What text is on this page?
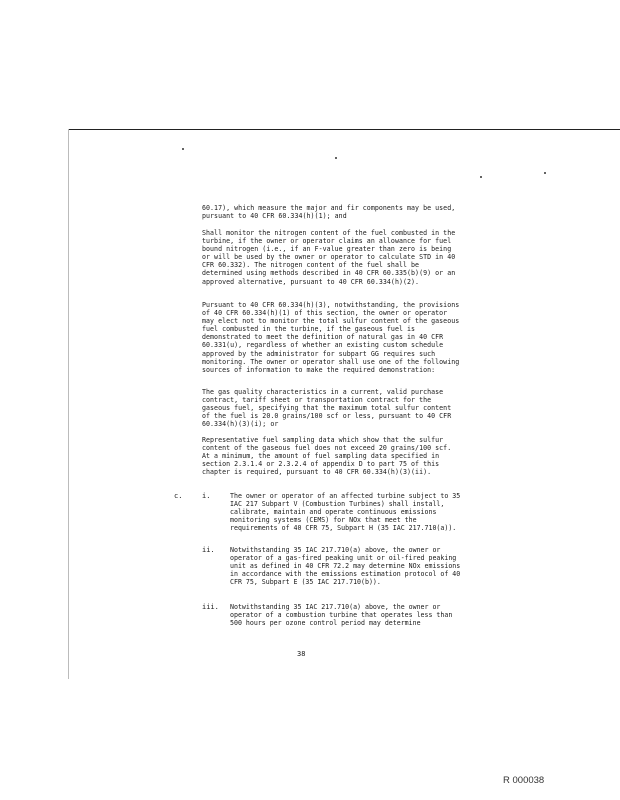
60.17), which measure the major and fir components may be used, pursuant to 40 CFR 60.334(h)(1); and

Shall monitor the nitrogen content of the fuel combusted in the turbine, if the owner or operator claims an allowance for fuel bound nitrogen (i.e., if an F-value greater than zero is being or will be used by the owner or operator to calculate STD in 40 CFR 60.332). The nitrogen content of the fuel shall be determined using methods described in 40 CFR 60.335(b)(9) or an approved alternative, pursuant to 40 CFR 60.334(h)(2).

Pursuant to 40 CFR 60.334(h)(3), notwithstanding, the provisions of 40 CFR 60.334(h)(1) of this section, the owner or operator may elect not to monitor the total sulfur content of the gaseous fuel combusted in the turbine, if the gaseous fuel is demonstrated to meet the definition of natural gas in 40 CFR 60.331(u), regardless of whether an existing custom schedule approved by the administrator for subpart GG requires such monitoring. The owner or operator shall use one of the following sources of information to make the required demonstration:

The gas quality characteristics in a current, valid purchase contract, tariff sheet or transportation contract for the gaseous fuel, specifying that the maximum total sulfur content of the fuel is 20.0 grains/100 scf or less, pursuant to 40 CFR 60.334(h)(3)(i); or

Representative fuel sampling data which show that the sulfur content of the gaseous fuel does not exceed 20 grains/100 scf. At a minimum, the amount of fuel sampling data specified in section 2.3.1.4 or 2.3.2.4 of appendix D to part 75 of this chapter is required, pursuant to 40 CFR 60.334(h)(3)(ii).

c.	i.	The owner or operator of an affected turbine subject to 35 IAC 217 Subpart V (Combustion Turbines) shall install, calibrate, maintain and operate continuous emissions monitoring systems (CEMS) for NOx that meet the requirements of 40 CFR 75, Subpart H (35 IAC 217.710(a)).

ii. Notwithstanding 35 IAC 217.710(a) above, the owner or operator of a gas-fired peaking unit or oil-fired peaking unit as defined in 40 CFR 72.2 may determine NOx emissions in accordance with the emissions estimation protocol of 40 CFR 75, Subpart E (35 IAC 217.710(b)).

iii. Notwithstanding 35 IAC 217.710(a) above, the owner or operator of a combustion turbine that operates less than 500 hours per ozone control period may determine

38
R 000038
